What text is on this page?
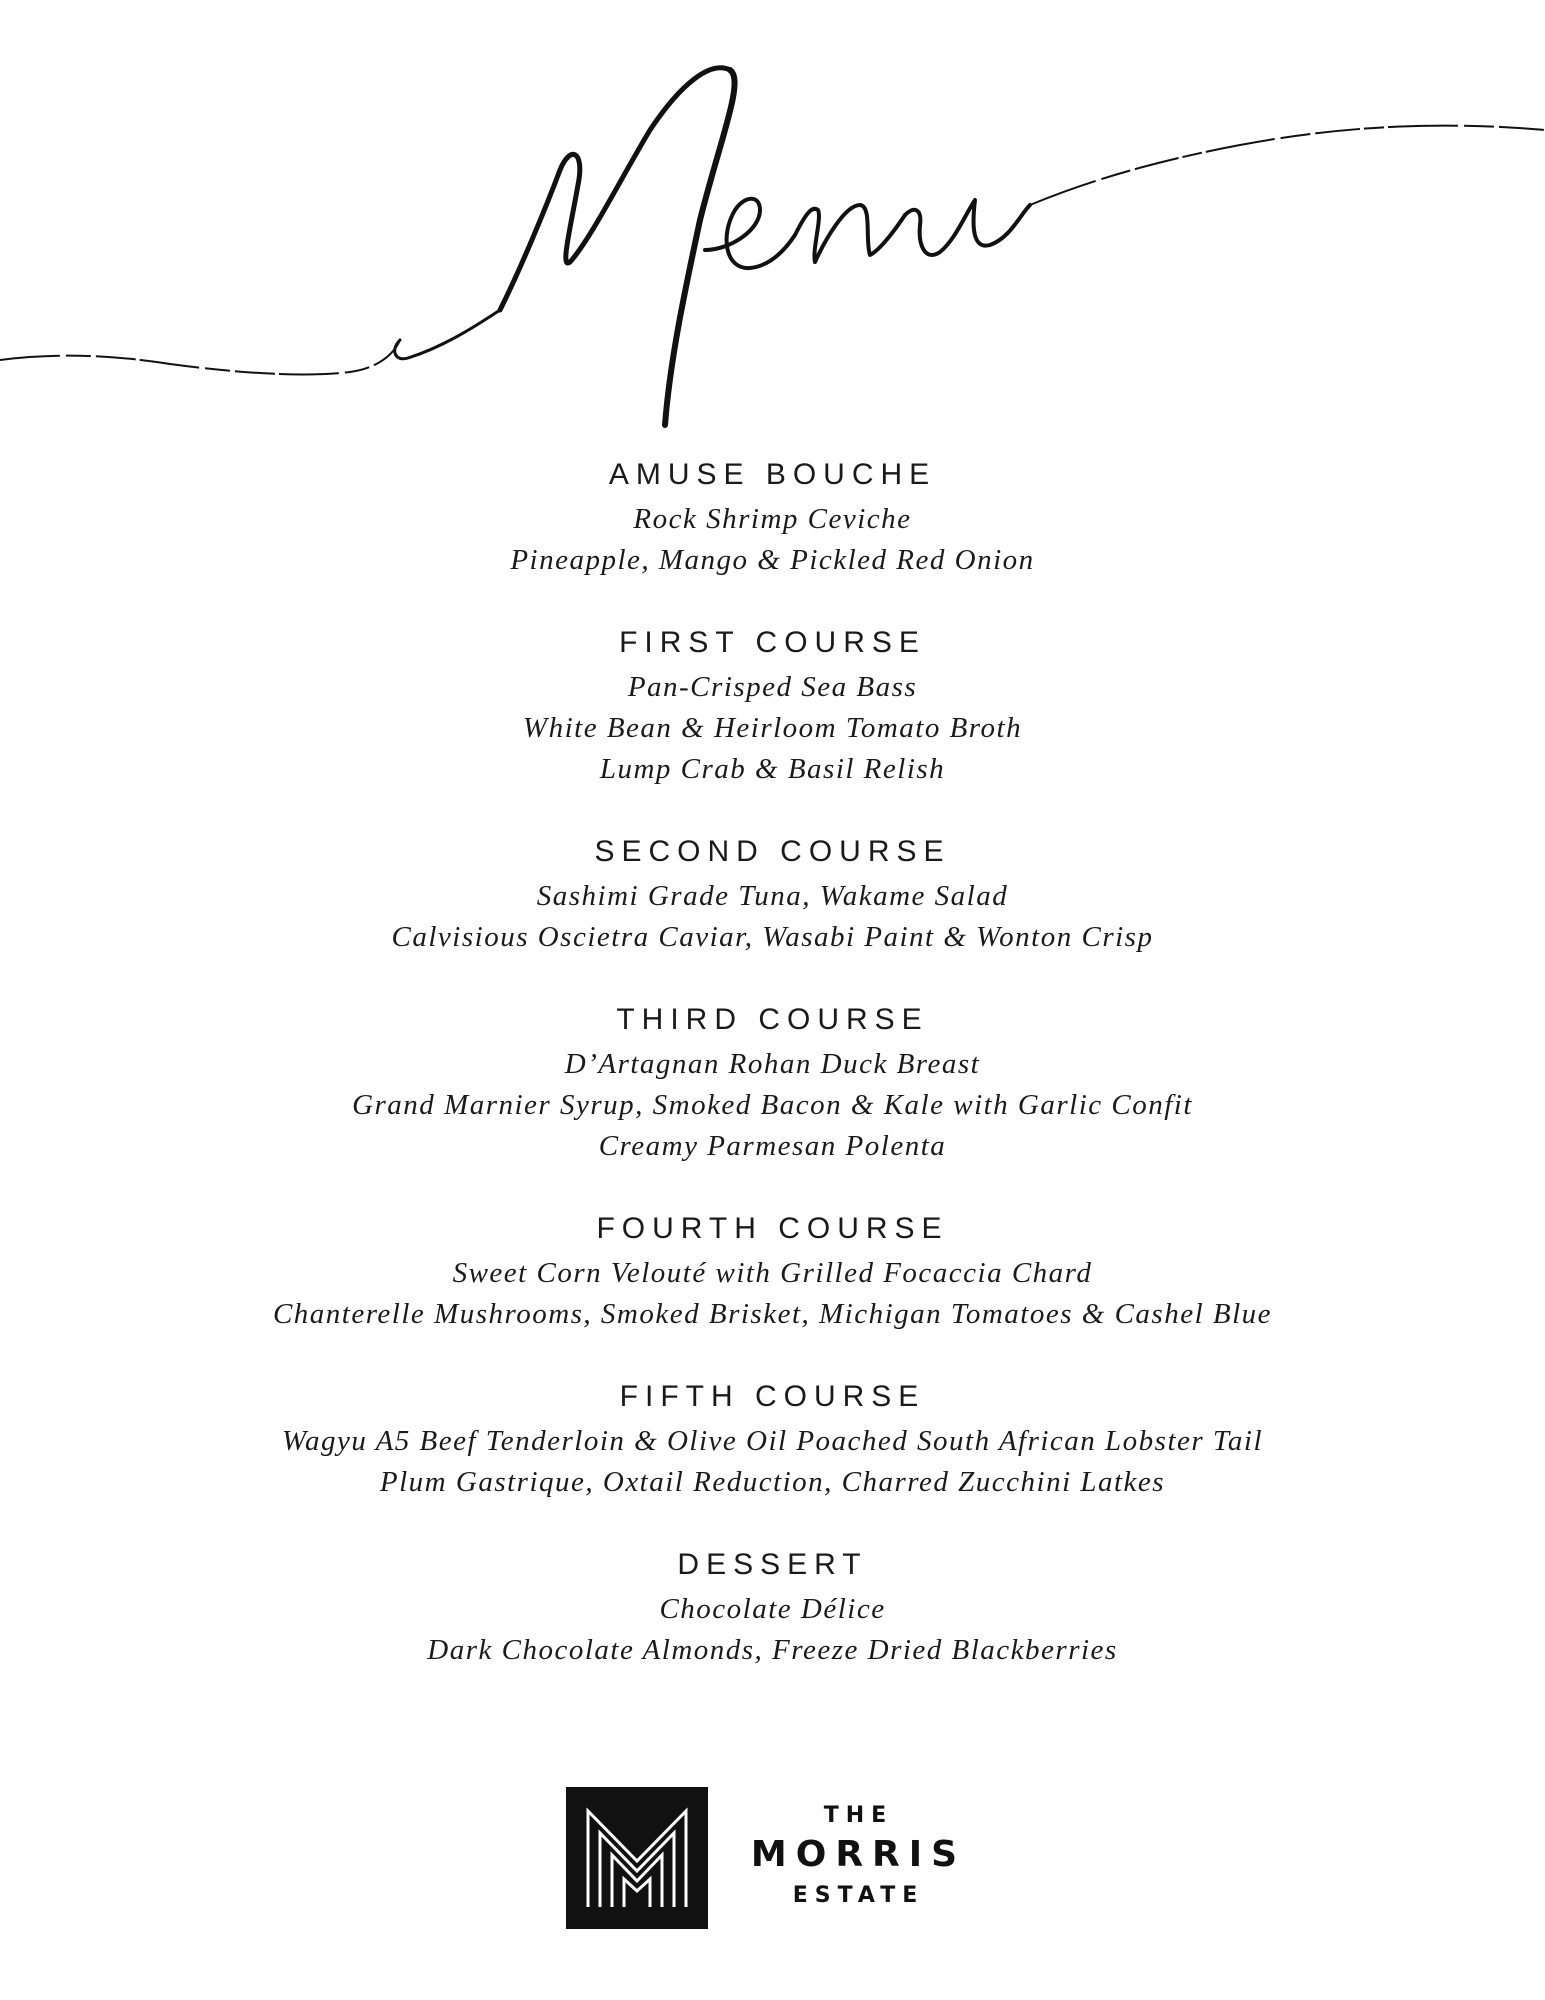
AMUSE BOUCHE
Rock Shrimp Ceviche
Pineapple, Mango & Pickled Red Onion
FIRST COURSE
Pan-Crisped Sea Bass
White Bean & Heirloom Tomato Broth
Lump Crab & Basil Relish
SECOND COURSE
Sashimi Grade Tuna, Wakame Salad
Calvisious Oscietra Caviar, Wasabi Paint & Wonton Crisp
THIRD COURSE
D’Artagnan Rohan Duck Breast
Grand Marnier Syrup, Smoked Bacon & Kale with Garlic Confit
Creamy Parmesan Polenta
FOURTH COURSE
Sweet Corn Velouté with Grilled Focaccia Chard
Chanterelle Mushrooms, Smoked Brisket, Michigan Tomatoes & Cashel Blue
FIFTH COURSE
Wagyu A5 Beef Tenderloin & Olive Oil Poached South African Lobster Tail
Plum Gastrique, Oxtail Reduction, Charred Zucchini Latkes
DESSERT
Chocolate Délice
Dark Chocolate Almonds, Freeze Dried Blackberries
THE
MORRIS
ESTATE
